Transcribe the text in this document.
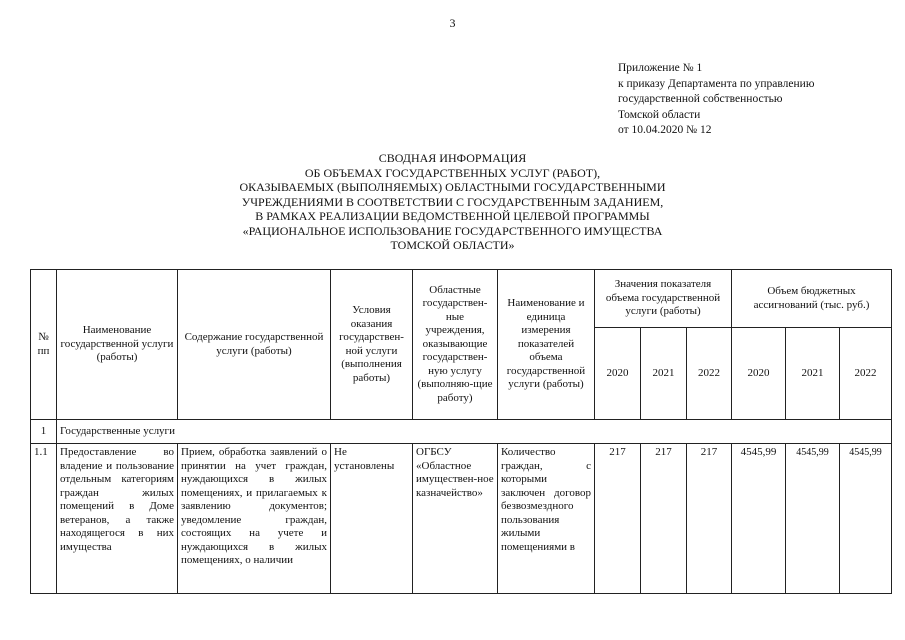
3
Приложение № 1
к приказу Департамента по управлению
государственной собственностью
Томской области
от 10.04.2020 № 12
СВОДНАЯ ИНФОРМАЦИЯ
ОБ ОБЪЕМАХ ГОСУДАРСТВЕННЫХ УСЛУГ (РАБОТ),
ОКАЗЫВАЕМЫХ (ВЫПОЛНЯЕМЫХ) ОБЛАСТНЫМИ ГОСУДАРСТВЕННЫМИ
УЧРЕЖДЕНИЯМИ В СООТВЕТСТВИИ С ГОСУДАРСТВЕННЫМ ЗАДАНИЕМ,
В РАМКАХ РЕАЛИЗАЦИИ ВЕДОМСТВЕННОЙ ЦЕЛЕВОЙ ПРОГРАММЫ
«РАЦИОНАЛЬНОЕ ИСПОЛЬЗОВАНИЕ ГОСУДАРСТВЕННОГО ИМУЩЕСТВА
ТОМСКОЙ ОБЛАСТИ»
№ пп	Наименование государственной услуги (работы)	Содержание государственной услуги (работы)	Условия оказания государствен-ной услуги (выполнения работы)	Областные государствен-ные учреждения, оказывающие государствен-ную услугу (выполняю-щие работу)	Наименование и единица измерения показателей объема государственной услуги (работы)	Значения показателя объема государственной услуги (работы)			Объем бюджетных ассигнований (тыс. руб.)		
						2020	2021	2022	2020	2021	2022
1	Государственные услуги										
1.1	Предоставление во владение и пользование отдельным категориям граждан жилых помещений в Доме ветеранов, а также находящегося в них имущества	Прием, обработка заявлений о принятии на учет граждан, нуждающихся в жилых помещениях, и прилагаемых к заявлению документов; уведомление граждан, состоящих на учете и нуждающихся в жилых помещениях, о наличии	Не установлены	ОГБСУ «Областное имуществен-ное казначейство»	Количество граждан, с которыми заключен договор безвозмездного пользования жилыми помещениями в	217	217	217	4545,99	4545,99	4545,99
